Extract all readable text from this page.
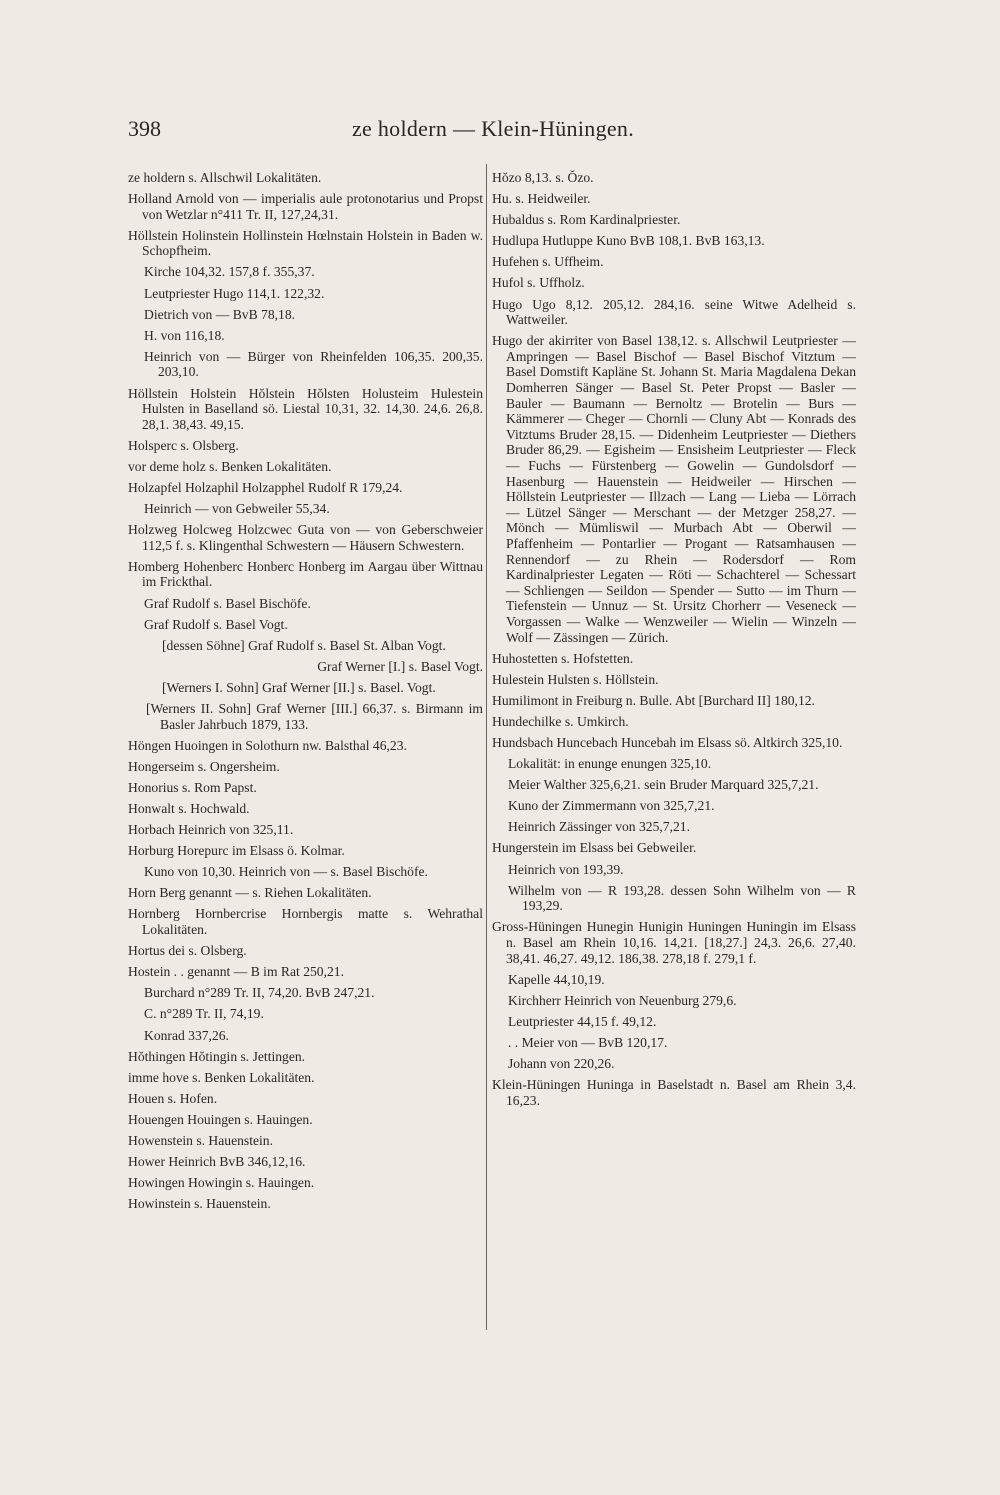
398	ze holdern — Klein-Hüningen.

ze holdern s. Allschwil Lokalitäten.

Holland Arnold von — imperialis aule protonotarius und Propst von Wetzlar n°411 Tr. II, 127,24,31.

Höllstein Holinstein Hollinstein Hœlnstain Holstein in Baden w. Schopfheim.

Kirche 104,32. 157,8 f. 355,37.

Leutpriester Hugo 114,1. 122,32.

Dietrich von — BvB 78,18.

H. von 116,18.

Heinrich von — Bürger von Rheinfelden 106,35. 200,35. 203,10.

Höllstein Holstein Hŏlstein Hŏlsten Holusteim Hulestein Hulsten in Baselland sö. Liestal 10,31, 32. 14,30. 24,6. 26,8. 28,1. 38,43. 49,15.

Holsperc s. Olsberg.

vor deme holz s. Benken Lokalitäten.

Holzapfel Holzaphil Holzapphel Rudolf R 179,24.

Heinrich — von Gebweiler 55,34.

Holzweg Holcweg Holzcwec Guta von — von Geberschweier 112,5 f. s. Klingenthal Schwestern — Häusern Schwestern.

Homberg Hohenberc Honberc Honberg im Aargau über Wittnau im Frickthal.

Graf Rudolf s. Basel Bischöfe.

Graf Rudolf s. Basel Vogt.

[dessen Söhne] Graf Rudolf s. Basel St. Alban Vogt.

Graf Werner [I.] s. Basel Vogt.

[Werners I. Sohn] Graf Werner [II.] s. Basel. Vogt.

[Werners II. Sohn] Graf Werner [III.] 66,37. s. Birmann im Basler Jahrbuch 1879, 133.

Höngen Huoingen in Solothurn nw. Balsthal 46,23.

Hongerseim s. Ongersheim.

Honorius s. Rom Papst.

Honwalt s. Hochwald.

Horbach Heinrich von 325,11.

Horburg Horepurc im Elsass ö. Kolmar.

Kuno von 10,30. Heinrich von — s. Basel Bischöfe.

Horn Berg genannt — s. Riehen Lokalitäten.

Hornberg Hornbercrise Hornbergis matte s. Wehrathal Lokalitäten.

Hortus dei s. Olsberg.

Hostein . . genannt — B im Rat 250,21.

Burchard n°289 Tr. II, 74,20. BvB 247,21.

C. n°289 Tr. II, 74,19.

Konrad 337,26.

Hŏthingen Hŏtingin s. Jettingen.

imme hove s. Benken Lokalitäten.

Houen s. Hofen.

Houengen Houingen s. Hauingen.

Howenstein s. Hauenstein.

Hower Heinrich BvB 346,12,16.

Howingen Howingin s. Hauingen.

Howinstein s. Hauenstein.

Hŏzo 8,13. s. Ŏzo.

Hu. s. Heidweiler.

Hubaldus s. Rom Kardinalpriester.

Hudlupa Hutluppe Kuno BvB 108,1. BvB 163,13.

Hufehen s. Uffheim.

Hufol s. Uffholz.

Hugo Ugo 8,12. 205,12. 284,16. seine Witwe Adelheid s. Wattweiler.

Hugo der akirriter von Basel 138,12. s. Allschwil Leutpriester — Ampringen — Basel Bischof — Basel Bischof Vitztum — Basel Domstift Kapläne St. Johann St. Maria Magdalena Dekan Domherren Sänger — Basel St. Peter Propst — Basler — Bauler — Baumann — Bernoltz — Brotelin — Burs — Kämmerer — Cheger — Chornli — Cluny Abt — Konrads des Vitztums Bruder 28,15. — Didenheim Leutpriester — Diethers Bruder 86,29. — Egisheim — Ensisheim Leutpriester — Fleck — Fuchs — Fürstenberg — Gowelin — Gundolsdorf — Hasenburg — Hauenstein — Heidweiler — Hirschen — Höllstein Leutpriester — Illzach — Lang — Lieba — Lörrach — Lützel Sänger — Merschant — der Metzger 258,27. — Mönch — Mümliswil — Murbach Abt — Oberwil — Pfaffenheim — Pontarlier — Progant — Ratsamhausen — Rennendorf — zu Rhein — Rodersdorf — Rom Kardinalpriester Legaten — Röti — Schachterel — Schessart — Schliengen — Seildon — Spender — Sutto — im Thurn — Tiefenstein — Unnuz — St. Ursitz Chorherr — Veseneck — Vorgassen — Walke — Wenzweiler — Wielin — Winzeln — Wolf — Zässingen — Zürich.

Huhostetten s. Hofstetten.

Hulestein Hulsten s. Höllstein.

Humilimont in Freiburg n. Bulle. Abt [Burchard II] 180,12.

Hundechilke s. Umkirch.

Hundsbach Huncebach Huncebah im Elsass sö. Altkirch 325,10.

Lokalität: in enunge enungen 325,10.

Meier Walther 325,6,21. sein Bruder Marquard 325,7,21.

Kuno der Zimmermann von 325,7,21.

Heinrich Zässinger von 325,7,21.

Hungerstein im Elsass bei Gebweiler.

Heinrich von 193,39.

Wilhelm von — R 193,28. dessen Sohn Wilhelm von — R 193,29.

Gross-Hüningen Hunegin Hunigin Huningen Huningin im Elsass n. Basel am Rhein 10,16. 14,21. [18,27.] 24,3. 26,6. 27,40. 38,41. 46,27. 49,12. 186,38. 278,18 f. 279,1 f.

Kapelle 44,10,19.

Kirchherr Heinrich von Neuenburg 279,6.

Leutpriester 44,15 f. 49,12.

. . Meier von — BvB 120,17.

Johann von 220,26.

Klein-Hüningen Huninga in Baselstadt n. Basel am Rhein 3,4. 16,23.
